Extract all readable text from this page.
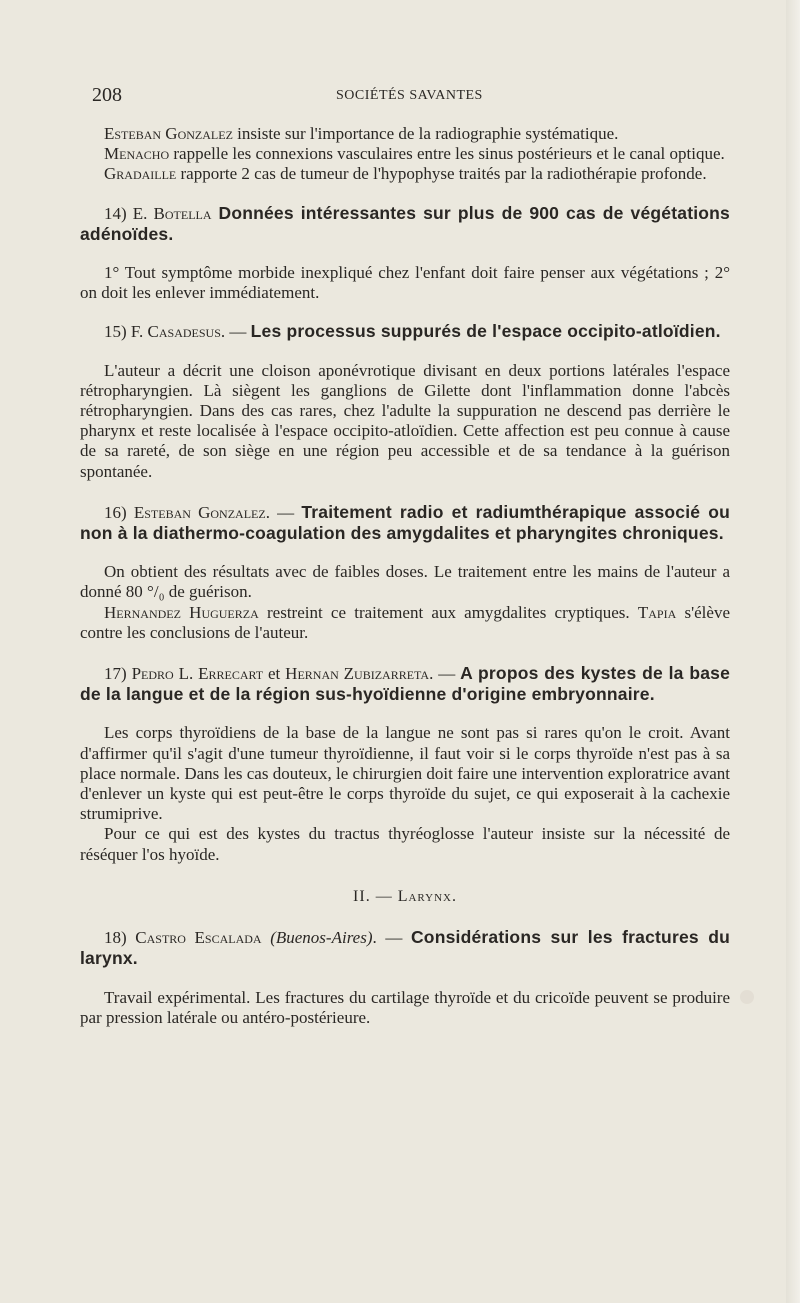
208	SOCIÉTÉS SAVANTES

Esteban Gonzalez insiste sur l'importance de la radiographie systématique.

Menacho rappelle les connexions vasculaires entre les sinus postérieurs et le canal optique.

Gradaille rapporte 2 cas de tumeur de l'hypophyse traités par la radiothérapie profonde.

14) E. Botella Données intéressantes sur plus de 900 cas de végétations adénoïdes.

1° Tout symptôme morbide inexpliqué chez l'enfant doit faire penser aux végétations ; 2° on doit les enlever immédiatement.

15) F. Casadesus. — Les processus suppurés de l'espace occipito-atloïdien.

L'auteur a décrit une cloison aponévrotique divisant en deux portions latérales l'espace rétropharyngien. Là siègent les ganglions de Gilette dont l'inflammation donne l'abcès rétropharyngien. Dans des cas rares, chez l'adulte la suppuration ne descend pas derrière le pharynx et reste localisée à l'espace occipito-atloïdien. Cette affection est peu connue à cause de sa rareté, de son siège en une région peu accessible et de sa tendance à la guérison spontanée.

16) Esteban Gonzalez. — Traitement radio et radiumthérapique associé ou non à la diathermo-coagulation des amygdalites et pharyngites chroniques.

On obtient des résultats avec de faibles doses. Le traitement entre les mains de l'auteur a donné 80 °/₀ de guérison.

Hernandez Huguerza restreint ce traitement aux amygdalites cryptiques. Tapia s'élève contre les conclusions de l'auteur.

17) Pedro L. Errecart et Hernan Zubizarreta. — A propos des kystes de la base de la langue et de la région sus-hyoïdienne d'origine embryonnaire.

Les corps thyroïdiens de la base de la langue ne sont pas si rares qu'on le croit. Avant d'affirmer qu'il s'agit d'une tumeur thyroïdienne, il faut voir si le corps thyroïde n'est pas à sa place normale. Dans les cas douteux, le chirurgien doit faire une intervention exploratrice avant d'enlever un kyste qui est peut-être le corps thyroïde du sujet, ce qui exposerait à la cachexie strumiprive.

Pour ce qui est des kystes du tractus thyréoglosse l'auteur insiste sur la nécessité de réséquer l'os hyoïde.

II. — Larynx.

18) Castro Escalada (Buenos-Aires). — Considérations sur les fractures du larynx.

Travail expérimental. Les fractures du cartilage thyroïde et du cricoïde peuvent se produire par pression latérale ou antéro-postérieure.
